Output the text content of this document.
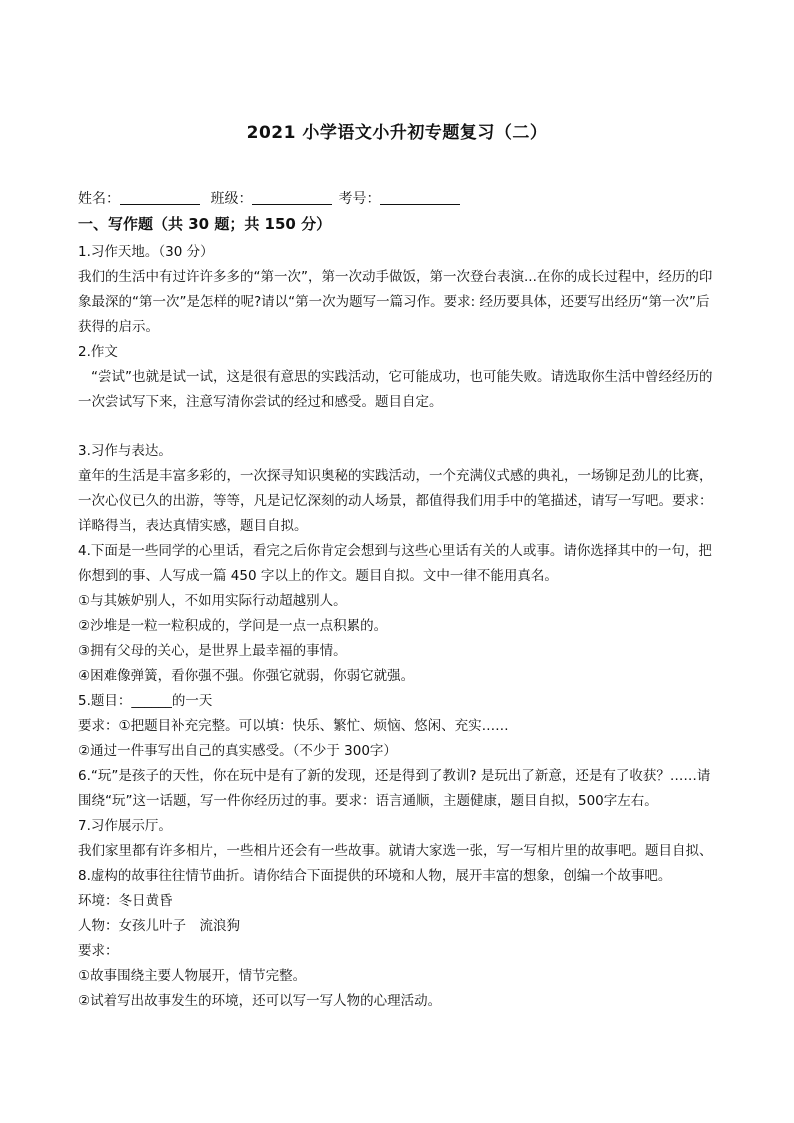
2021 小学语文小升初专题复习（二）
姓名：	班级：	考号：
一、写作题（共 30 题；共 150 分）

1.习作天地。（30 分）

我们的生活中有过许许多多的“第一次”，第一次动手做饭，第一次登台表演...在你的成长过程中，经历的印象最深的“第一次”是怎样的呢?请以“第一次为题写一篇习作。要求: 经历要具体，还要写出经历“第一次”后获得的启示。

2.作文

“尝试”也就是试一试，这是很有意思的实践活动，它可能成功，也可能失败。请选取你生活中曾经经历的一次尝试写下来，注意写清你尝试的经过和感受。题目自定。

3.习作与表达。

童年的生活是丰富多彩的，一次探寻知识奥秘的实践活动，一个充满仪式感的典礼，一场铆足劲儿的比赛，一次心仪已久的出游，等等，凡是记忆深刻的动人场景，都值得我们用手中的笔描述，请写一写吧。要求：详略得当，表达真情实感，题目自拟。

4.下面是一些同学的心里话，看完之后你肯定会想到与这些心里话有关的人或事。请你选择其中的一句，把你想到的事、人写成一篇 450 字以上的作文。题目自拟。文中一律不能用真名。

①与其嫉妒别人，不如用实际行动超越别人。

②沙堆是一粒一粒积成的，学问是一点一点积累的。

③拥有父母的关心，是世界上最幸福的事情。

④困难像弹簧，看你强不强。你强它就弱，你弱它就强。

5.题目：______的一天

要求：①把题目补充完整。可以填：快乐、繁忙、烦恼、悠闲、充实……

②通过一件事写出自己的真实感受。（不少于 300字）

6.“玩”是孩子的天性，你在玩中是有了新的发现，还是得到了教训? 是玩出了新意，还是有了收获？……请围绕“玩”这一话题，写一件你经历过的事。要求：语言通顺，主题健康，题目自拟，500字左右。

7.习作展示厅。

我们家里都有许多相片，一些相片还会有一些故事。就请大家选一张，写一写相片里的故事吧。题目自拟、

8.虚构的故事往往情节曲折。请你结合下面提供的环境和人物，展开丰富的想象，创编一个故事吧。

环境：冬日黄昏

人物：女孩儿叶子　流浪狗

要求：

①故事围绕主要人物展开，情节完整。

②试着写出故事发生的环境，还可以写一写人物的心理活动。
